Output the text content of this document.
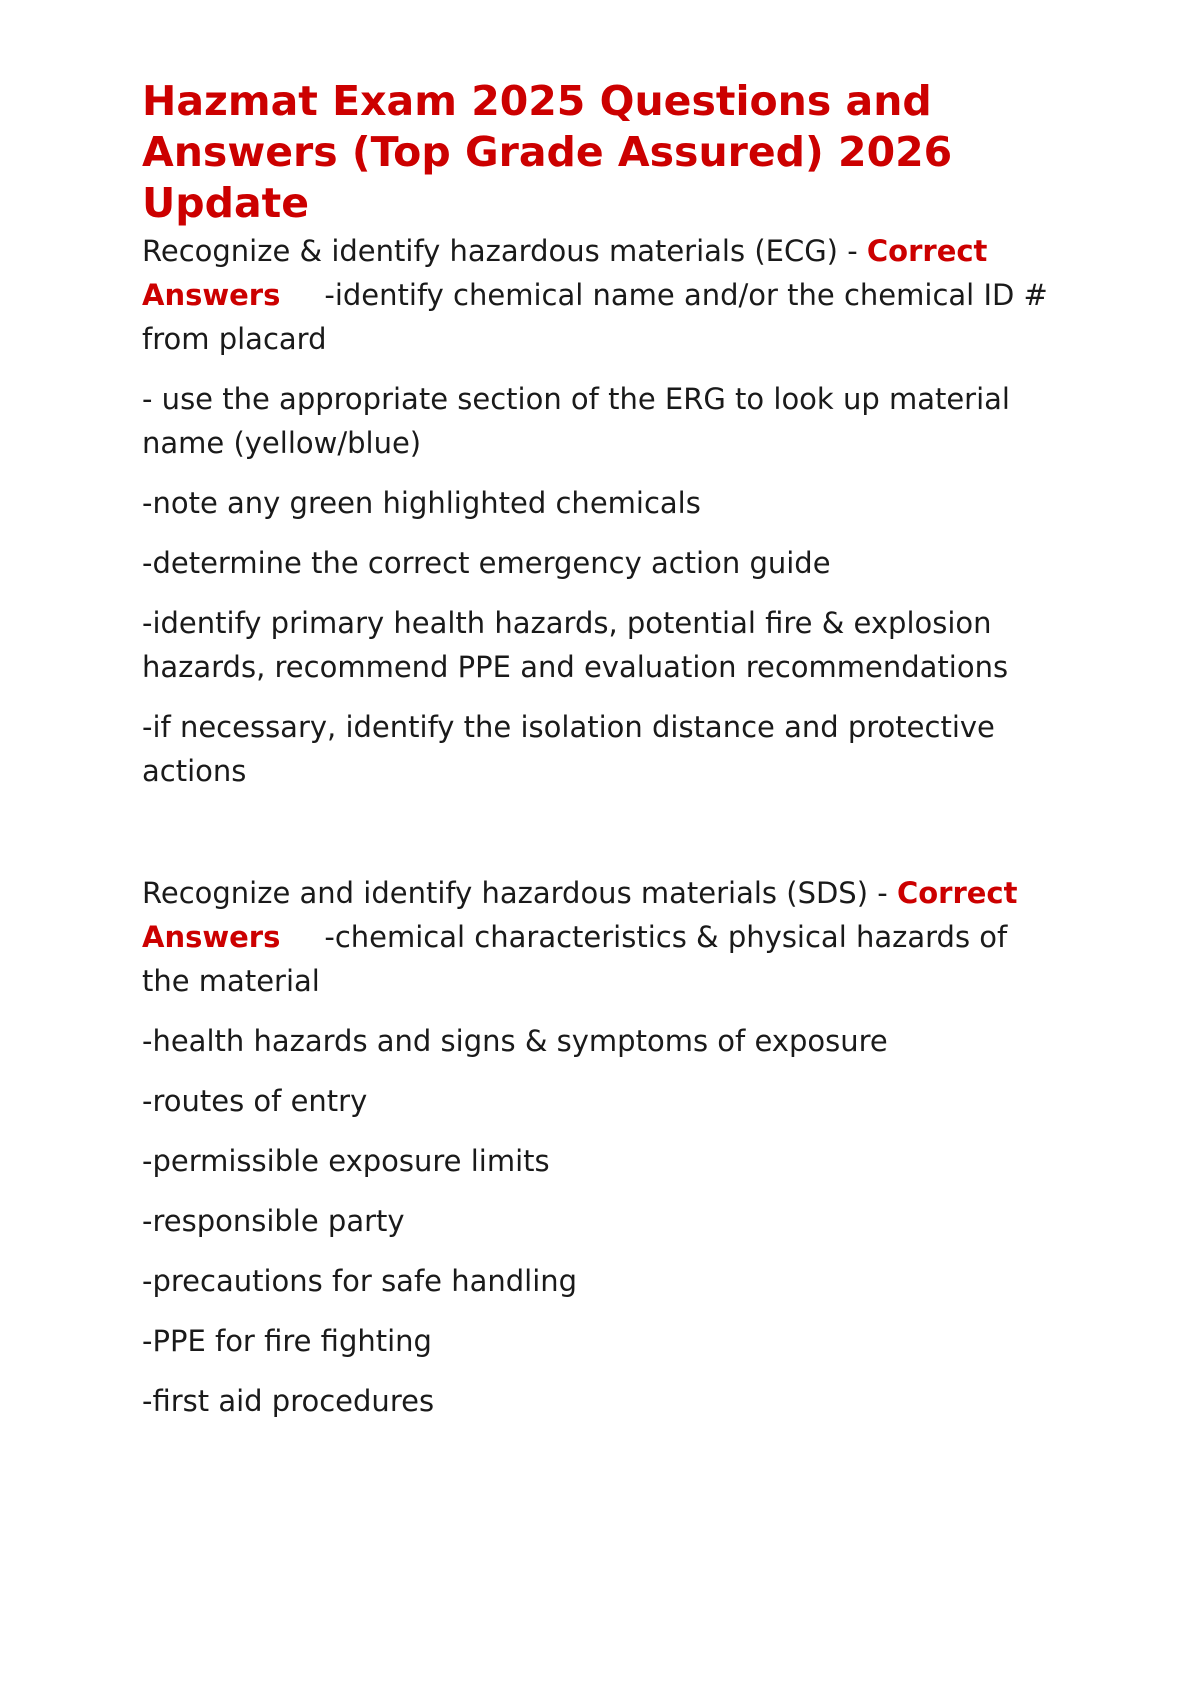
Hazmat Exam 2025 Questions and Answers (Top Grade Assured) 2026 Update

Recognize & identify hazardous materials (ECG) - Correct Answers -identify chemical name and/or the chemical ID # from placard

- use the appropriate section of the ERG to look up material name (yellow/blue)

-note any green highlighted chemicals

-determine the correct emergency action guide

-identify primary health hazards, potential fire & explosion hazards, recommend PPE and evaluation recommendations

-if necessary, identify the isolation distance and protective actions

Recognize and identify hazardous materials (SDS) - Correct Answers -chemical characteristics & physical hazards of the material

-health hazards and signs & symptoms of exposure

-routes of entry

-permissible exposure limits

-responsible party

-precautions for safe handling

-PPE for fire fighting

-first aid procedures
